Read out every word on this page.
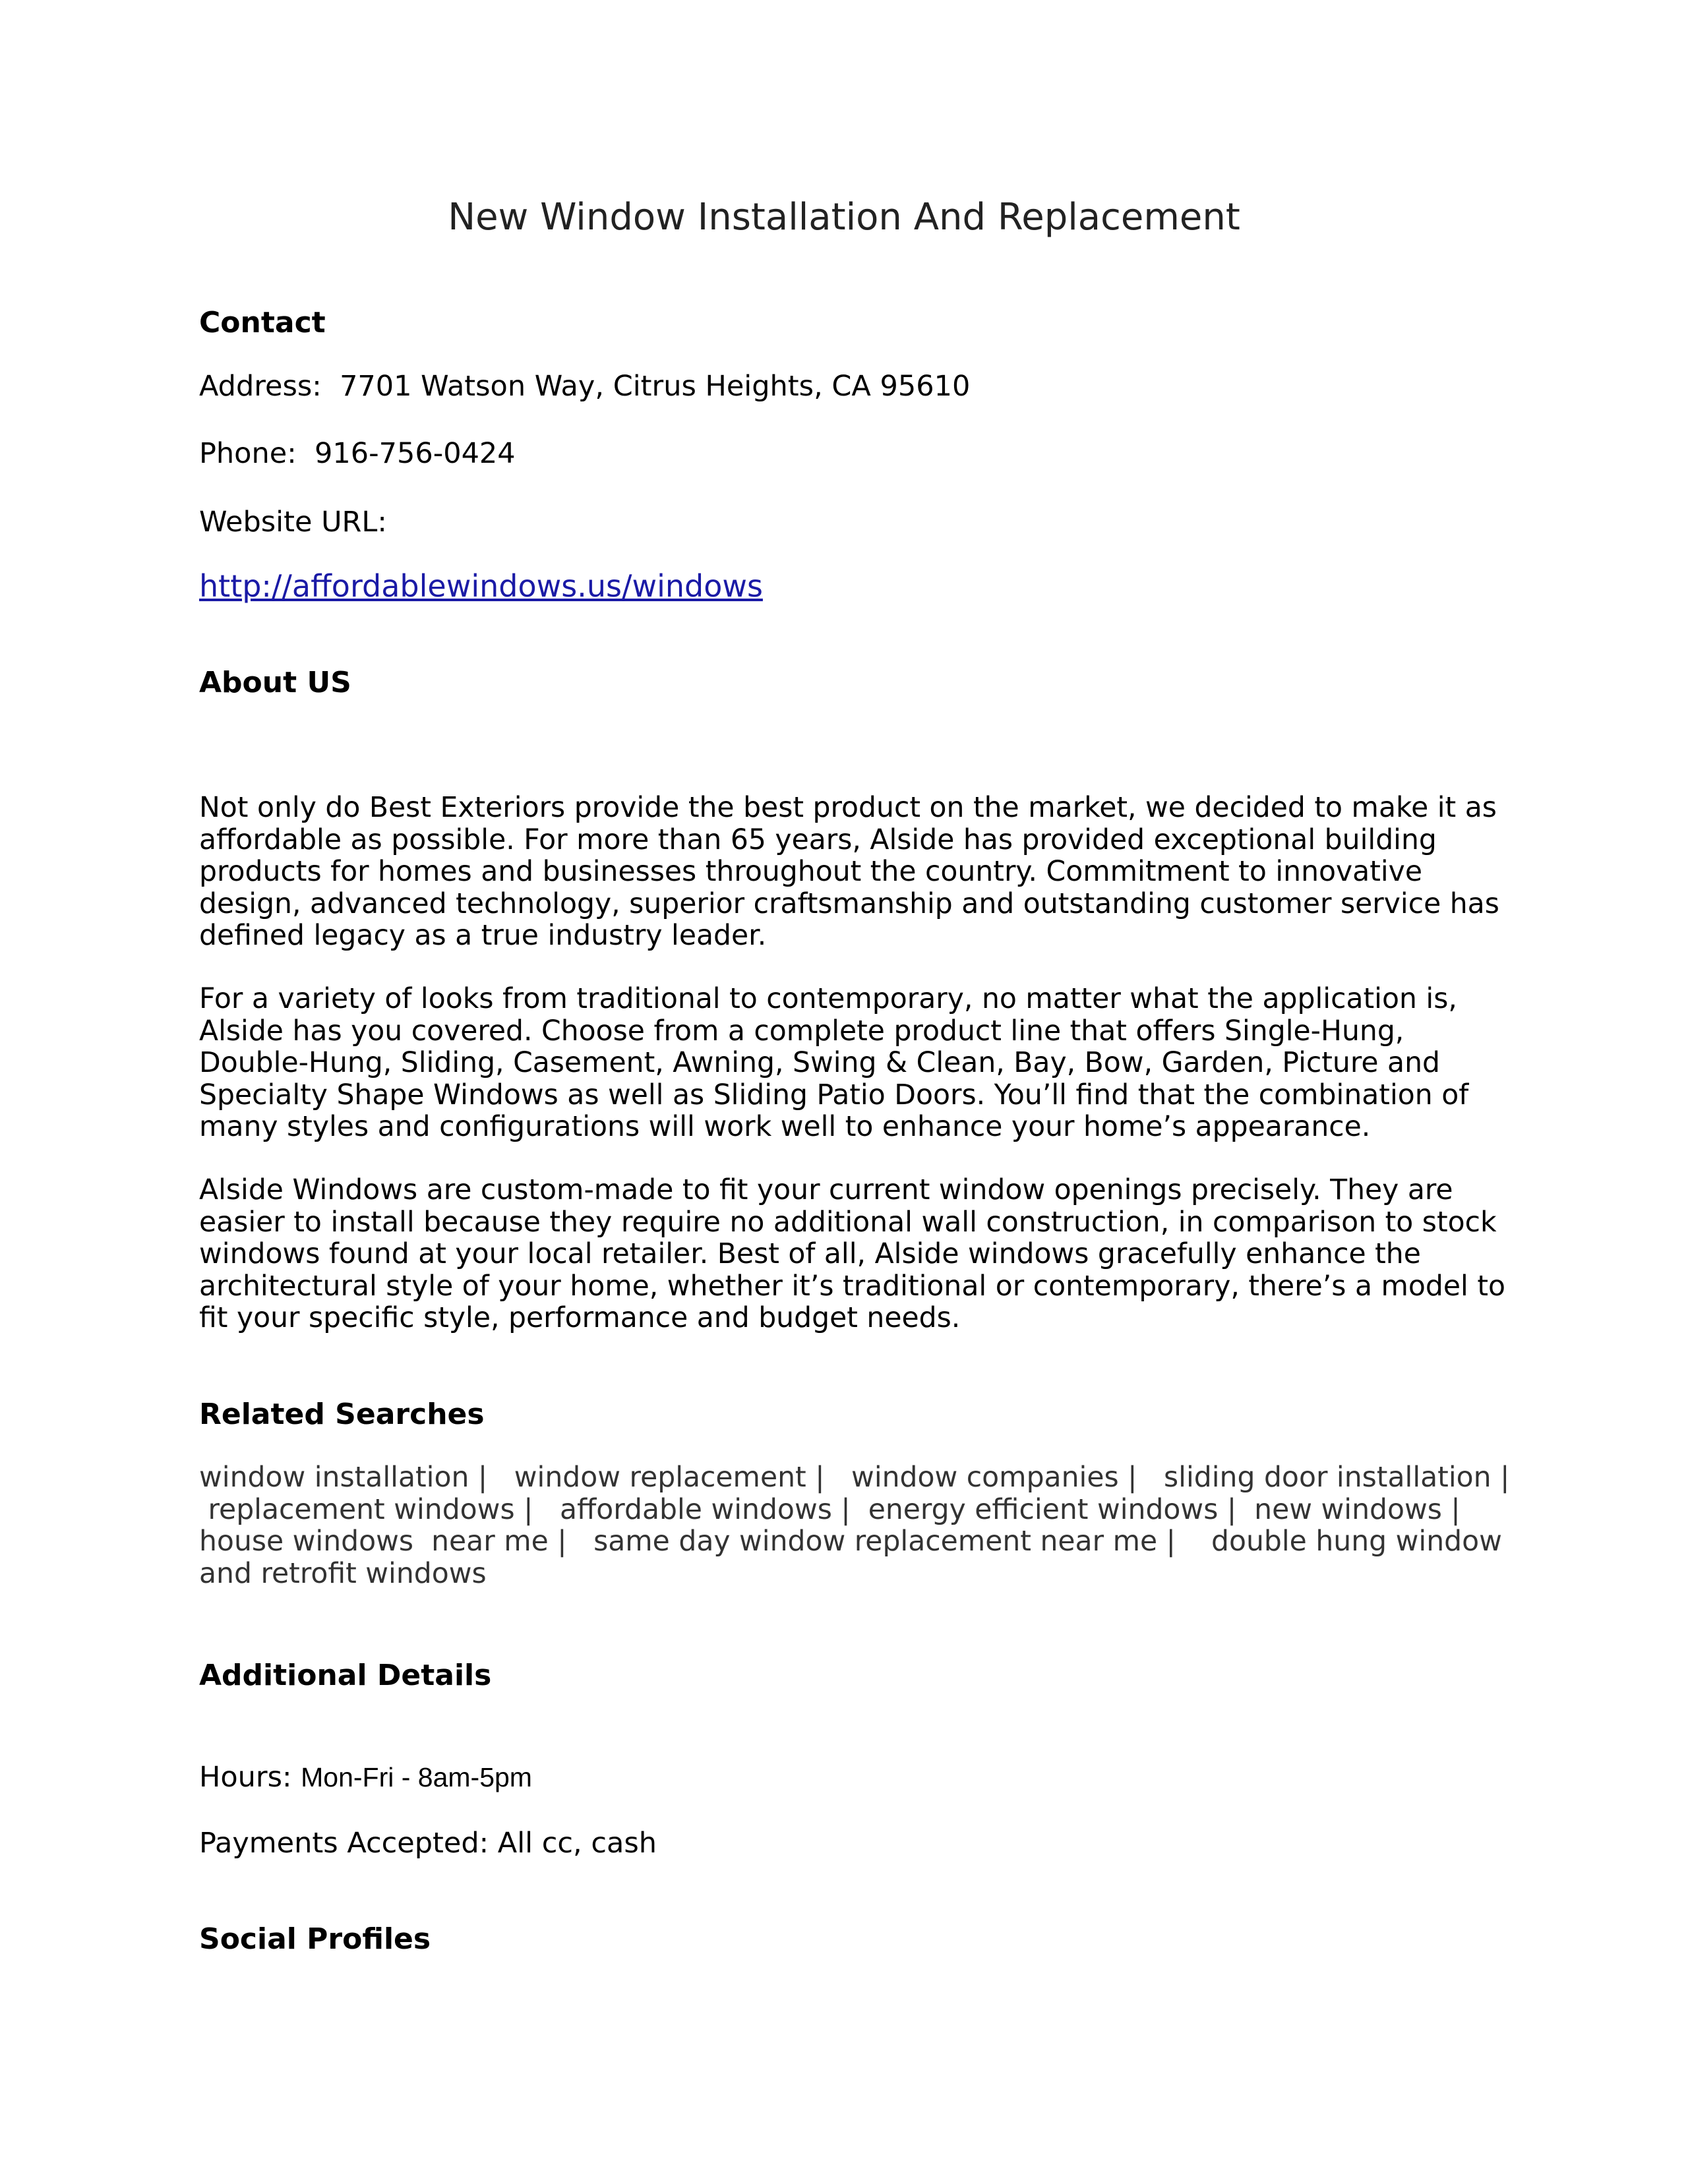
New Window Installation And Replacement
Contact
Address: 7701 Watson Way, Citrus Heights, CA 95610
Phone: 916-756-0424
Website URL:
http://affordablewindows.us/windows
About US
Not only do Best Exteriors provide the best product on the market, we decided to make it as
affordable as possible. For more than 65 years, Alside has provided exceptional building
products for homes and businesses throughout the country. Commitment to innovative
design, advanced technology, superior craftsmanship and outstanding customer service has
defined legacy as a true industry leader.
For a variety of looks from traditional to contemporary, no matter what the application is,
Alside has you covered. Choose from a complete product line that offers Single-Hung,
Double-Hung, Sliding, Casement, Awning, Swing & Clean, Bay, Bow, Garden, Picture and
Specialty Shape Windows as well as Sliding Patio Doors. You’ll find that the combination of
many styles and configurations will work well to enhance your home’s appearance.
Alside Windows are custom-made to fit your current window openings precisely. They are
easier to install because they require no additional wall construction, in comparison to stock
windows found at your local retailer. Best of all, Alside windows gracefully enhance the
architectural style of your home, whether it’s traditional or contemporary, there’s a model to
fit your specific style, performance and budget needs.
Related Searches
window installation |   window replacement |   window companies |   sliding door installation |
replacement windows |   affordable windows |  energy efficient windows |  new windows |
house windows  near me |   same day window replacement near me |    double hung window
and retrofit windows
Additional Details
Hours: Mon-Fri - 8am-5pm
Payments Accepted: All cc, cash
Social Profiles
